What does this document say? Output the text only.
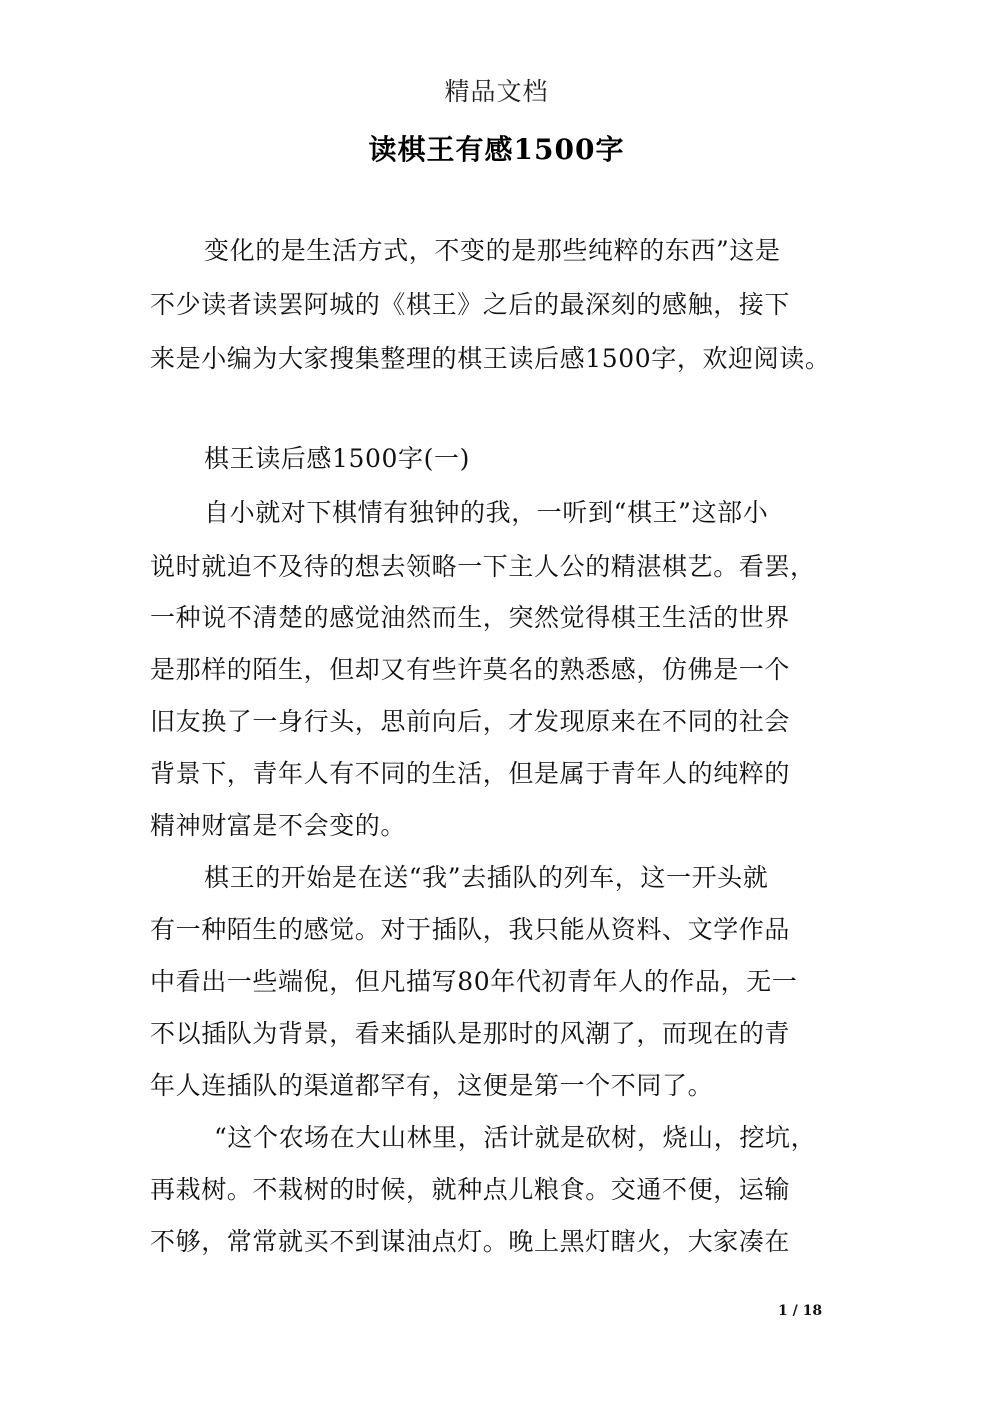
精品文档
读棋王有感1500字
变化的是生活方式，不变的是那些纯粹的东西”这是
不少读者读罢阿城的《棋王》之后的最深刻的感触，接下
来是小编为大家搜集整理的棋王读后感1500字，欢迎阅读。
棋王读后感1500字(一)
自小就对下棋情有独钟的我，一听到“棋王”这部小
说时就迫不及待的想去领略一下主人公的精湛棋艺。看罢，
一种说不清楚的感觉油然而生，突然觉得棋王生活的世界
是那样的陌生，但却又有些许莫名的熟悉感，仿佛是一个
旧友换了一身行头，思前向后，才发现原来在不同的社会
背景下，青年人有不同的生活，但是属于青年人的纯粹的
精神财富是不会变的。
棋王的开始是在送“我”去插队的列车，这一开头就
有一种陌生的感觉。对于插队，我只能从资料、文学作品
中看出一些端倪，但凡描写80年代初青年人的作品，无一
不以插队为背景，看来插队是那时的风潮了，而现在的青
年人连插队的渠道都罕有，这便是第一个不同了。
“这个农场在大山林里，活计就是砍树，烧山，挖坑，
再栽树。不栽树的时候，就种点儿粮食。交通不便，运输
不够，常常就买不到谋油点灯。晚上黑灯瞎火，大家凑在
1 / 18
